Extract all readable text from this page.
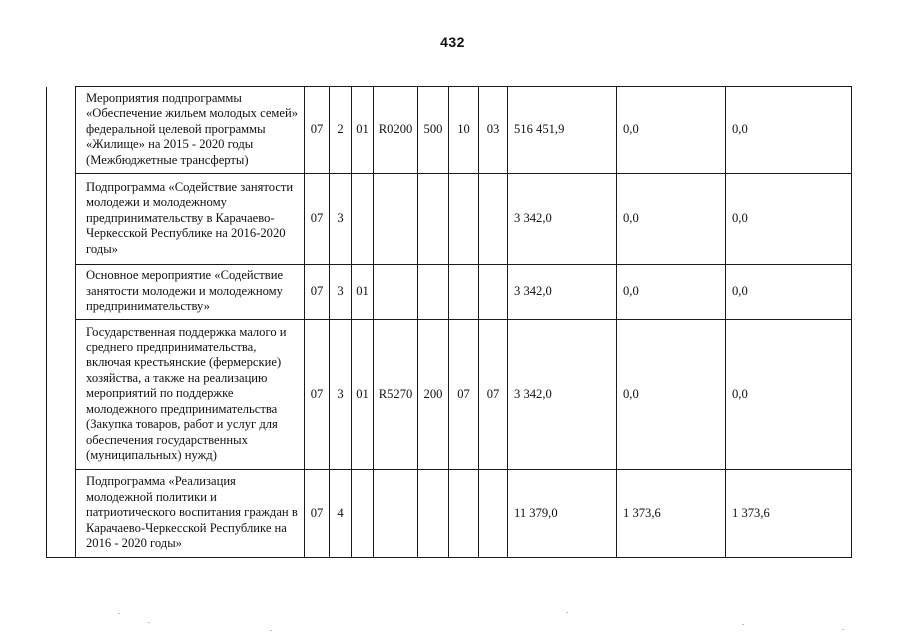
432
	Мероприятия подпрограммы «Обеспечение жильем молодых семей» федеральной целевой программы «Жилище» на 2015 - 2020 годы (Межбюджетные трансферты)	07	2	01	R0200	500	10	03	516 451,9	0,0	0,0
	Подпрограмма «Содействие занятости молодежи и молодежному предпринимательству в Карачаево-Черкесской Республике на 2016-2020 годы»	07	3						3 342,0	0,0	0,0
	Основное мероприятие «Содействие занятости молодежи и молодежному предпринимательству»	07	3	01					3 342,0	0,0	0,0
	Государственная поддержка малого и среднего предпринимательства, включая крестьянские (фермерские) хозяйства, а также на реализацию мероприятий по поддержке молодежного предпринимательства (Закупка товаров, работ и услуг для обеспечения государственных (муниципальных) нужд)	07	3	01	R5270	200	07	07	3 342,0	0,0	0,0
	Подпрограмма «Реализация молодежной политики и патриотического воспитания граждан в Карачаево-Черкесской Республике на 2016 - 2020 годы»	07	4						11 379,0	1 373,6	1 373,6
